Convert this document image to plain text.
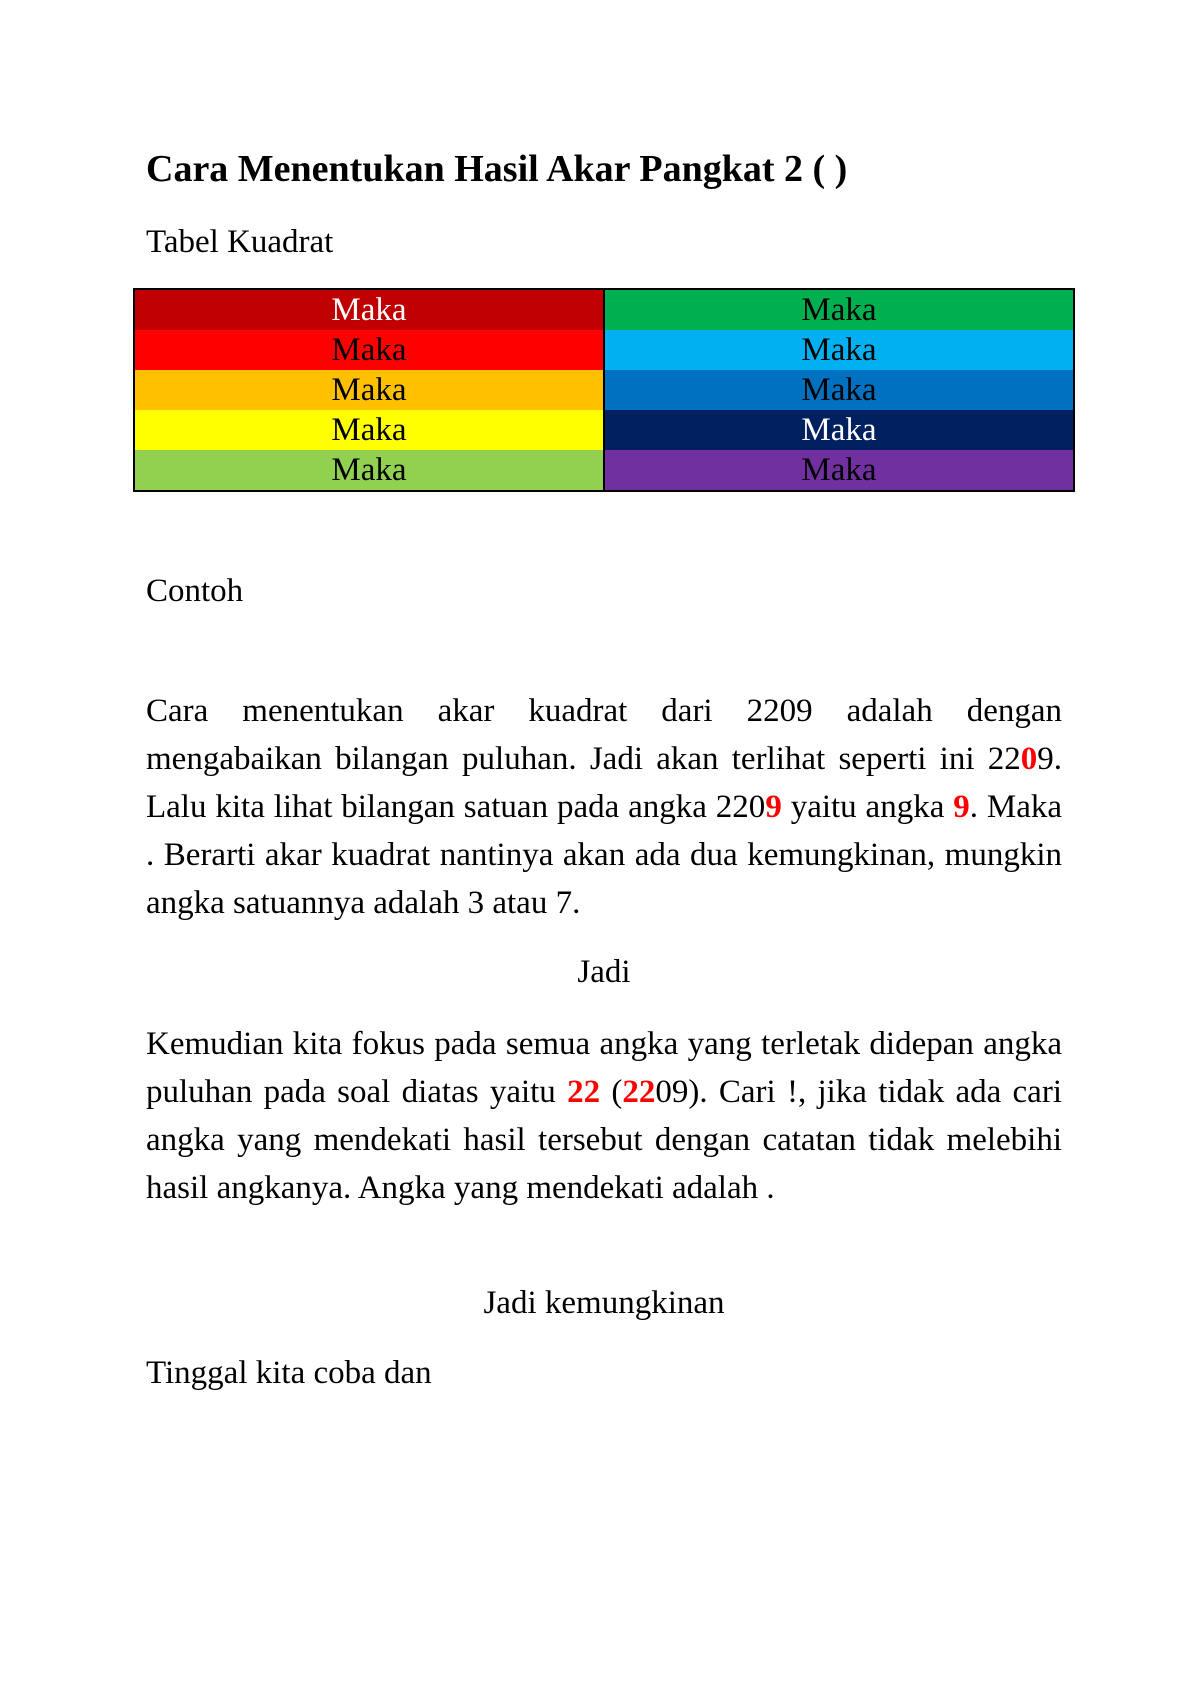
Cara Menentukan Hasil Akar Pangkat 2 ( )
Tabel Kuadrat
Maka	Maka
Maka	Maka
Maka	Maka
Maka	Maka
Maka	Maka
Contoh

Cara menentukan akar kuadrat dari 2209 adalah dengan mengabaikan bilangan puluhan. Jadi akan terlihat seperti ini 2209. Lalu kita lihat bilangan satuan pada angka 2209 yaitu angka 9. Maka . Berarti akar kuadrat nantinya akan ada dua kemungkinan, mungkin angka satuannya adalah 3 atau 7.

Jadi

Kemudian kita fokus pada semua angka yang terletak didepan angka puluhan pada soal diatas yaitu 22 (2209). Cari !, jika tidak ada cari angka yang mendekati hasil tersebut dengan catatan tidak melebihi hasil angkanya. Angka yang mendekati adalah .

Jadi kemungkinan
Tinggal kita coba dan
